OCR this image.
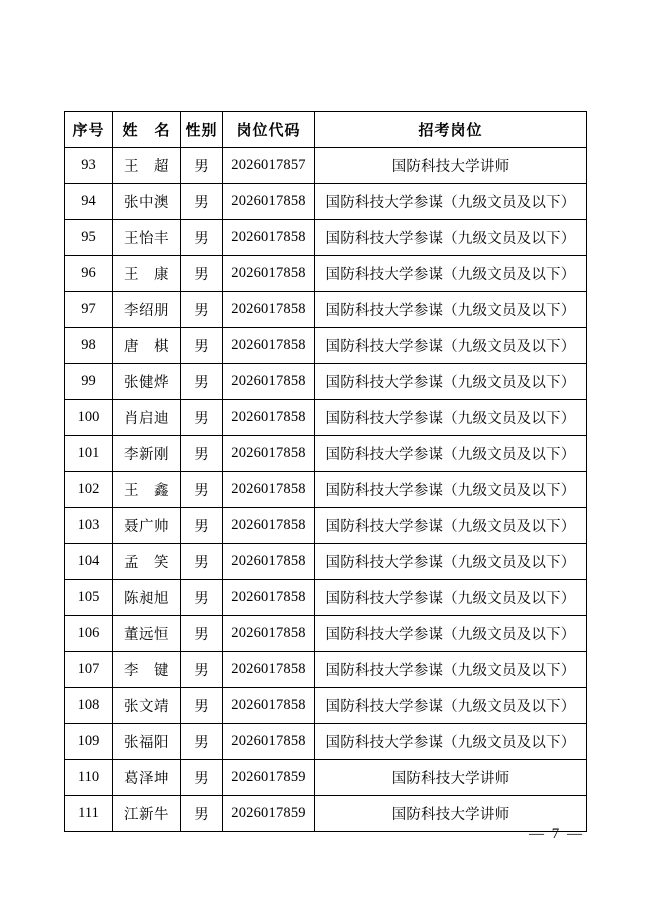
序号	姓　名	性别	岗位代码	招考岗位
93	王　超	男	2026017857	国防科技大学讲师
94	张中澳	男	2026017858	国防科技大学参谋（九级文员及以下）
95	王怡丰	男	2026017858	国防科技大学参谋（九级文员及以下）
96	王　康	男	2026017858	国防科技大学参谋（九级文员及以下）
97	李绍朋	男	2026017858	国防科技大学参谋（九级文员及以下）
98	唐　棋	男	2026017858	国防科技大学参谋（九级文员及以下）
99	张健烨	男	2026017858	国防科技大学参谋（九级文员及以下）
100	肖启迪	男	2026017858	国防科技大学参谋（九级文员及以下）
101	李新刚	男	2026017858	国防科技大学参谋（九级文员及以下）
102	王　鑫	男	2026017858	国防科技大学参谋（九级文员及以下）
103	聂广帅	男	2026017858	国防科技大学参谋（九级文员及以下）
104	孟　笑	男	2026017858	国防科技大学参谋（九级文员及以下）
105	陈昶旭	男	2026017858	国防科技大学参谋（九级文员及以下）
106	董远恒	男	2026017858	国防科技大学参谋（九级文员及以下）
107	李　键	男	2026017858	国防科技大学参谋（九级文员及以下）
108	张文靖	男	2026017858	国防科技大学参谋（九级文员及以下）
109	张福阳	男	2026017858	国防科技大学参谋（九级文员及以下）
110	葛泽坤	男	2026017859	国防科技大学讲师
111	江新牛	男	2026017859	国防科技大学讲师
— 7 —
